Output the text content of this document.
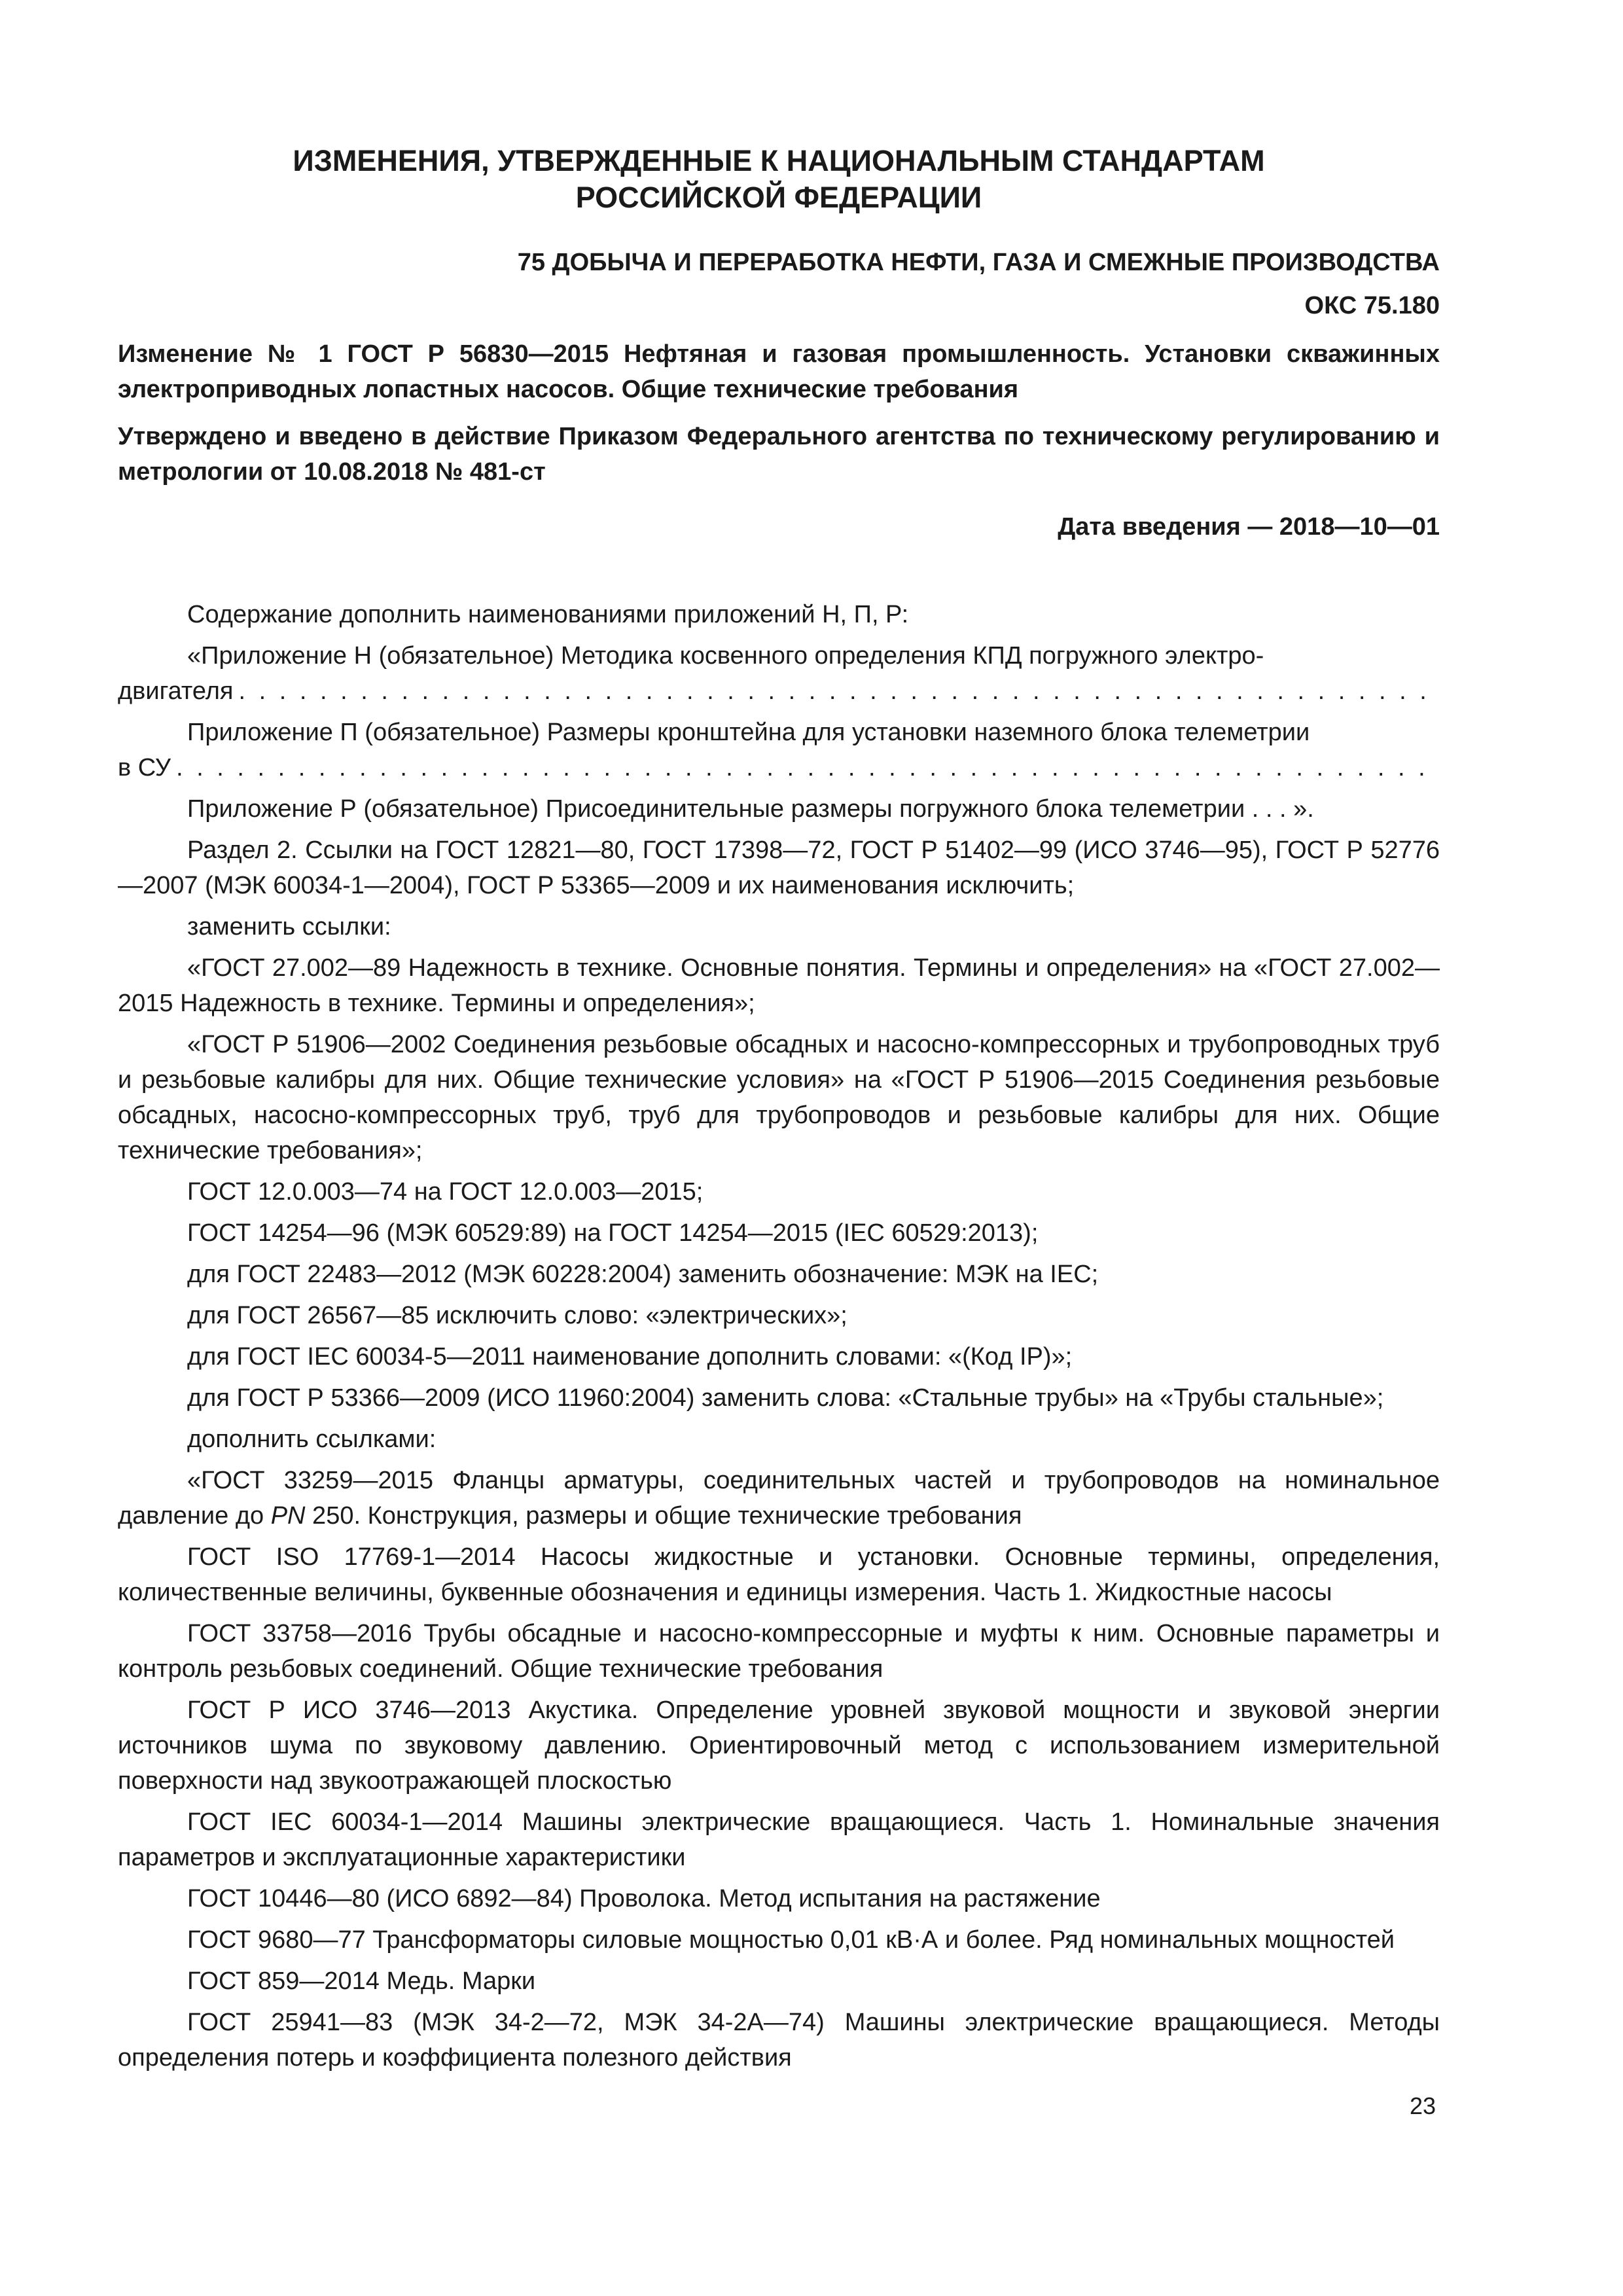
ИЗМЕНЕНИЯ, УТВЕРЖДЕННЫЕ К НАЦИОНАЛЬНЫМ СТАНДАРТАМ
РОССИЙСКОЙ ФЕДЕРАЦИИ
75 ДОБЫЧА И ПЕРЕРАБОТКА НЕФТИ, ГАЗА И СМЕЖНЫЕ ПРОИЗВОДСТВА
ОКС 75.180
Изменение № 1 ГОСТ Р 56830—2015 Нефтяная и газовая промышленность. Установки скважинных электроприводных лопастных насосов. Общие технические требования
Утверждено и введено в действие Приказом Федерального агентства по техническому регулированию и метрологии от 10.08.2018 № 481-ст
Дата введения — 2018—10—01

Содержание дополнить наименованиями приложений Н, П, Р:

«Приложение Н (обязательное) Методика косвенного определения КПД погружного электро-

двигателя
. . .

Приложение П (обязательное) Размеры кронштейна для установки наземного блока телеметрии

в СУ
. . .

Приложение Р (обязательное) Присоединительные размеры погружного блока телеметрии . . . ».

Раздел 2. Ссылки на ГОСТ 12821—80, ГОСТ 17398—72, ГОСТ Р 51402—99 (ИСО 3746—95), ГОСТ Р 52776—2007 (МЭК 60034-1—2004), ГОСТ Р 53365—2009 и их наименования исключить;

заменить ссылки:

«ГОСТ 27.002—89 Надежность в технике. Основные понятия. Термины и определения» на «ГОСТ 27.002—2015 Надежность в технике. Термины и определения»;

«ГОСТ Р 51906—2002 Соединения резьбовые обсадных и насосно-компрессорных и трубопроводных труб и резьбовые калибры для них. Общие технические условия» на «ГОСТ Р 51906—2015 Соединения резьбовые обсадных, насосно-компрессорных труб, труб для трубопроводов и резьбовые калибры для них. Общие технические требования»;

ГОСТ 12.0.003—74 на ГОСТ 12.0.003—2015;

ГОСТ 14254—96 (МЭК 60529:89) на ГОСТ 14254—2015 (IEC 60529:2013);

для ГОСТ 22483—2012 (МЭК 60228:2004) заменить обозначение: МЭК на IEC;

для ГОСТ 26567—85 исключить слово: «электрических»;

для ГОСТ IEC 60034-5—2011 наименование дополнить словами: «(Код IP)»;

для ГОСТ Р 53366—2009 (ИСО 11960:2004) заменить слова: «Стальные трубы» на «Трубы стальные»;

дополнить ссылками:

«ГОСТ 33259—2015 Фланцы арматуры, соединительных частей и трубопроводов на номинальное давление до PN 250. Конструкция, размеры и общие технические требования

ГОСТ ISO 17769-1—2014 Насосы жидкостные и установки. Основные термины, определения, количественные величины, буквенные обозначения и единицы измерения. Часть 1. Жидкостные насосы

ГОСТ 33758—2016 Трубы обсадные и насосно-компрессорные и муфты к ним. Основные параметры и контроль резьбовых соединений. Общие технические требования

ГОСТ Р ИСО 3746—2013 Акустика. Определение уровней звуковой мощности и звуковой энергии источников шума по звуковому давлению. Ориентировочный метод с использованием измерительной поверхности над звукоотражающей плоскостью

ГОСТ IEC 60034-1—2014 Машины электрические вращающиеся. Часть 1. Номинальные значения параметров и эксплуатационные характеристики

ГОСТ 10446—80 (ИСО 6892—84) Проволока. Метод испытания на растяжение

ГОСТ 9680—77 Трансформаторы силовые мощностью 0,01 кВ·А и более. Ряд номинальных мощностей

ГОСТ 859—2014 Медь. Марки

ГОСТ 25941—83 (МЭК 34-2—72, МЭК 34-2А—74) Машины электрические вращающиеся. Методы определения потерь и коэффициента полезного действия

23
